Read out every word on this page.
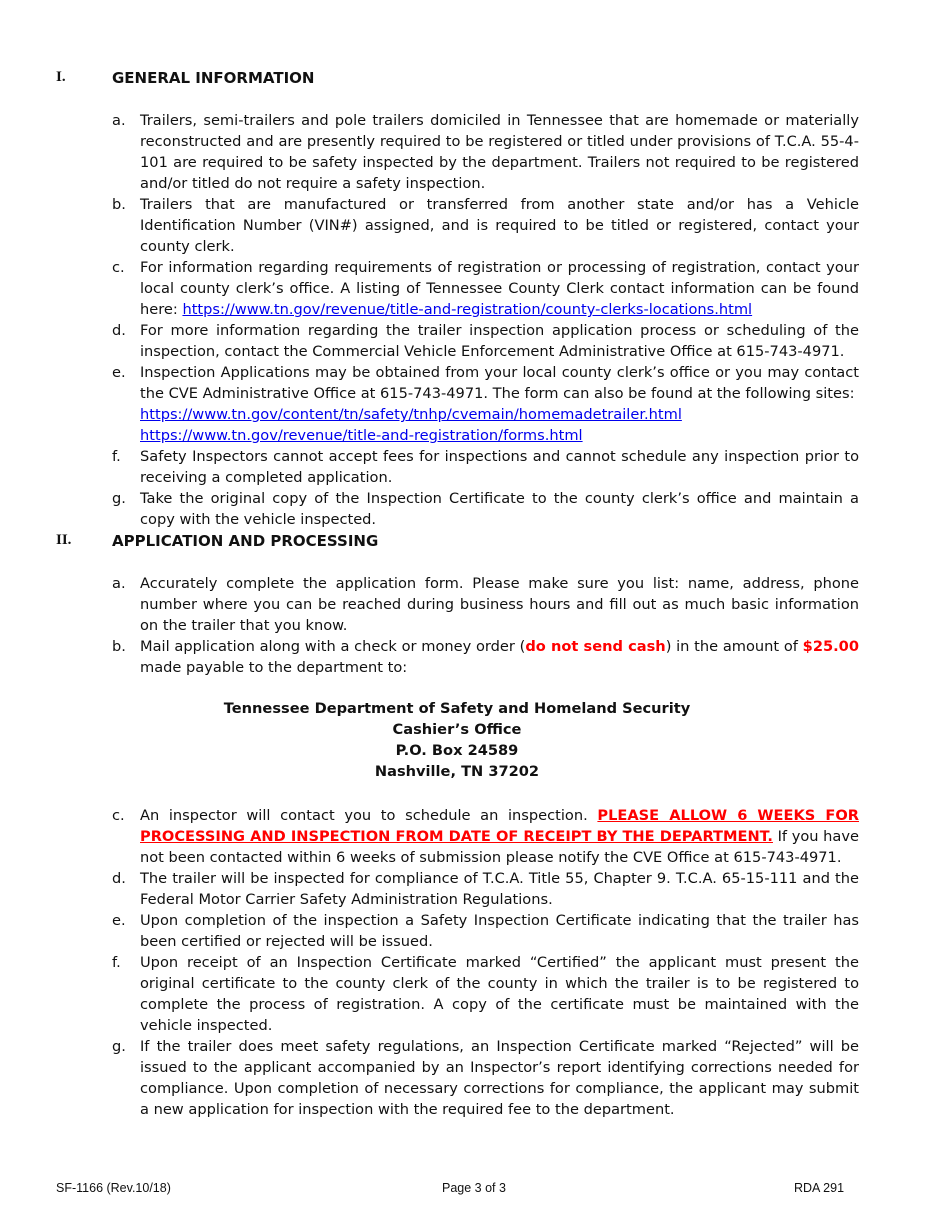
I.	GENERAL INFORMATION
a. Trailers, semi-trailers and pole trailers domiciled in Tennessee that are homemade or materially reconstructed and are presently required to be registered or titled under provisions of T.C.A. 55-4-101 are required to be safety inspected by the department. Trailers not required to be registered and/or titled do not require a safety inspection.
b. Trailers that are manufactured or transferred from another state and/or has a Vehicle Identification Number (VIN#) assigned, and is required to be titled or registered, contact your county clerk.
c. For information regarding requirements of registration or processing of registration, contact your local county clerk’s office. A listing of Tennessee County Clerk contact information can be found here: https://www.tn.gov/revenue/title-and-registration/county-clerks-locations.html
d. For more information regarding the trailer inspection application process or scheduling of the inspection, contact the Commercial Vehicle Enforcement Administrative Office at 615-743-4971.
e. Inspection Applications may be obtained from your local county clerk’s office or you may contact the CVE Administrative Office at 615-743-4971. The form can also be found at the following sites:
https://www.tn.gov/content/tn/safety/tnhp/cvemain/homemadetrailer.html
https://www.tn.gov/revenue/title-and-registration/forms.html
f. Safety Inspectors cannot accept fees for inspections and cannot schedule any inspection prior to receiving a completed application.
g. Take the original copy of the Inspection Certificate to the county clerk’s office and maintain a copy with the vehicle inspected.
II.	APPLICATION AND PROCESSING
a. Accurately complete the application form. Please make sure you list: name, address, phone number where you can be reached during business hours and fill out as much basic information on the trailer that you know.
b. Mail application along with a check or money order (do not send cash) in the amount of $25.00 made payable to the department to:
Tennessee Department of Safety and Homeland Security
Cashier’s Office
P.O. Box 24589
Nashville, TN 37202
c. An inspector will contact you to schedule an inspection. PLEASE ALLOW 6 WEEKS FOR PROCESSING AND INSPECTION FROM DATE OF RECEIPT BY THE DEPARTMENT. If you have not been contacted within 6 weeks of submission please notify the CVE Office at 615-743-4971.
d. The trailer will be inspected for compliance of T.C.A. Title 55, Chapter 9. T.C.A. 65-15-111 and the Federal Motor Carrier Safety Administration Regulations.
e. Upon completion of the inspection a Safety Inspection Certificate indicating that the trailer has been certified or rejected will be issued.
f. Upon receipt of an Inspection Certificate marked “Certified” the applicant must present the original certificate to the county clerk of the county in which the trailer is to be registered to complete the process of registration. A copy of the certificate must be maintained with the vehicle inspected.
g. If the trailer does meet safety regulations, an Inspection Certificate marked “Rejected” will be issued to the applicant accompanied by an Inspector’s report identifying corrections needed for compliance. Upon completion of necessary corrections for compliance, the applicant may submit a new application for inspection with the required fee to the department.
SF-1166 (Rev.10/18)	Page 3 of 3	RDA 291
